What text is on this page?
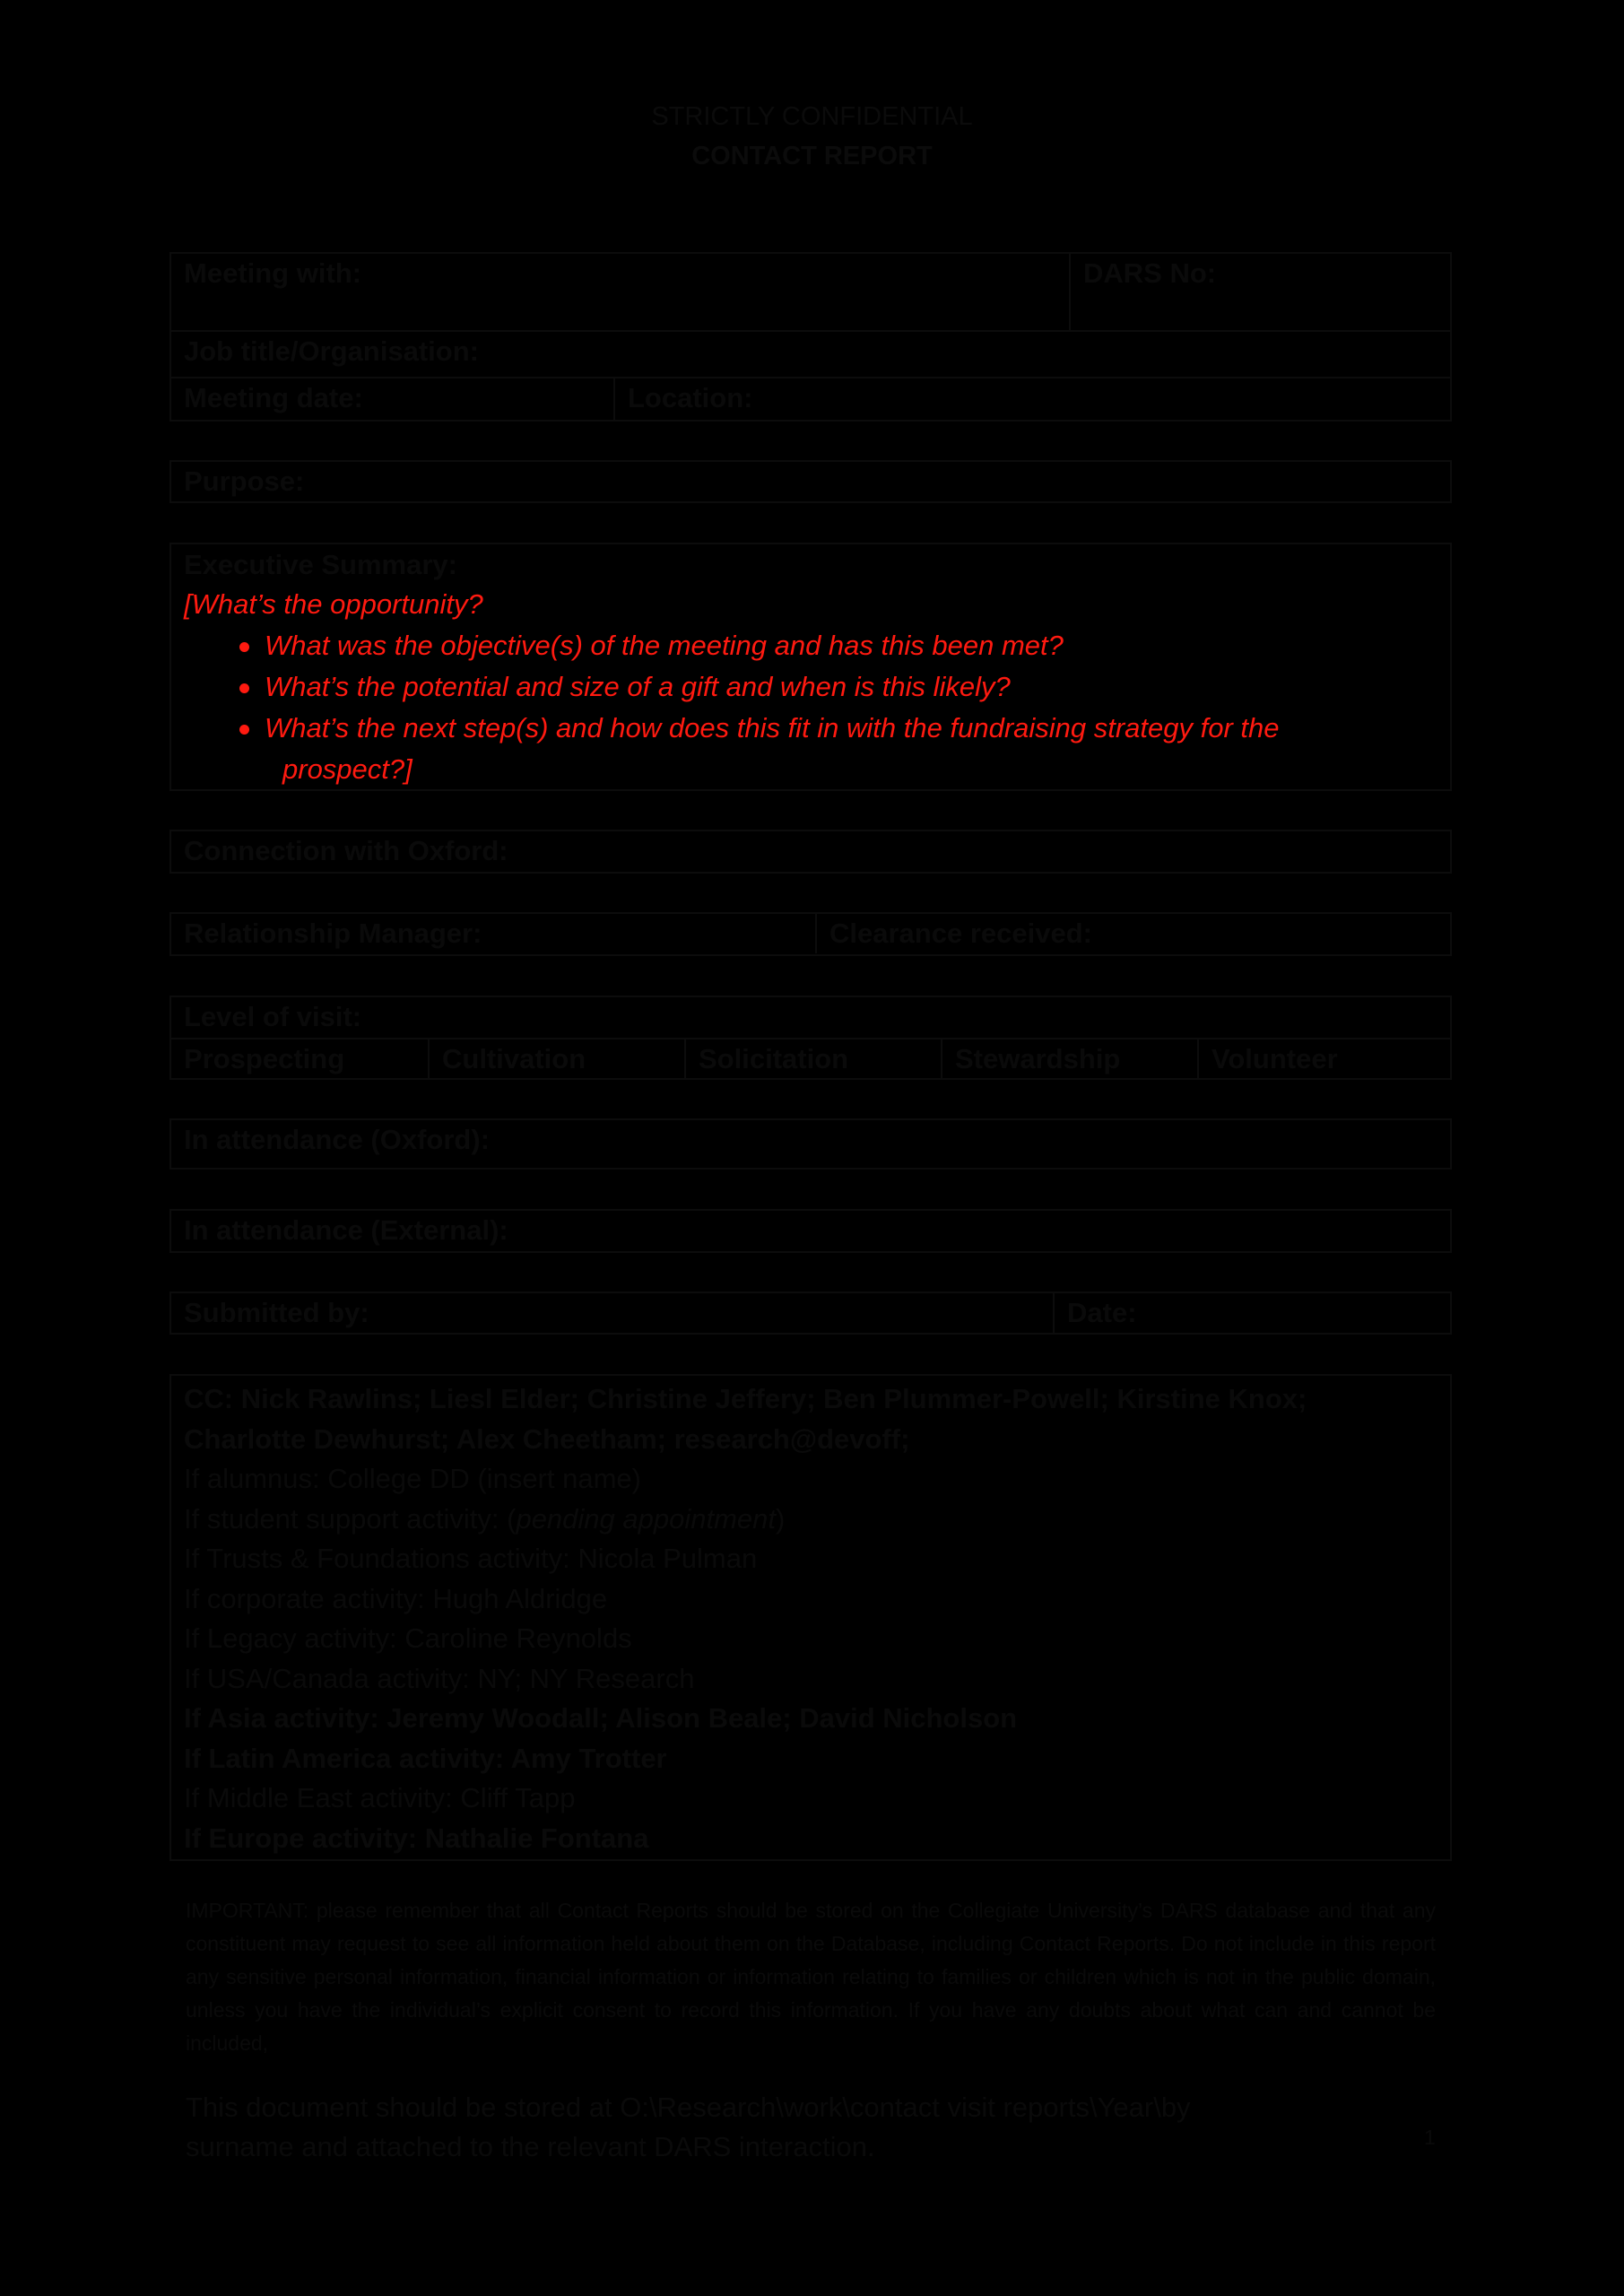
STRICTLY CONFIDENTIAL
CONTACT REPORT
Meeting with:	DARS No:
Job title/Organisation:
Meeting date:	Location:
Purpose:
Executive Summary:
[What’s the opportunity?
What was the objective(s) of the meeting and has this been met?
What’s the potential and size of a gift and when is this likely?
What’s the next step(s) and how does this fit in with the fundraising strategy for the
prospect?]
Connection with Oxford:
Relationship Manager:	Clearance received:
Level of visit:
Prospecting	Cultivation	Solicitation	Stewardship	Volunteer
In attendance (Oxford):
In attendance (External):
Submitted by:	Date:
CC: Nick Rawlins; Liesl Elder; Christine Jeffery; Ben Plummer-Powell; Kirstine Knox;
Charlotte Dewhurst; Alex Cheetham; research@devoff;
If alumnus: College DD (insert name)
If student support activity: (pending appointment)
If Trusts & Foundations activity: Nicola Pulman
If corporate activity: Hugh Aldridge
If Legacy activity: Caroline Reynolds
If USA/Canada activity: NY; NY Research
If Asia activity: Jeremy Woodall; Alison Beale; David Nicholson
If Latin America activity: Amy Trotter
If Middle East activity: Cliff Tapp
If Europe activity: Nathalie Fontana
IMPORTANT: please remember that all Contact Reports should be stored on the Collegiate University’s DARS database and that any constituent may request to see all information held about them on the Database, including Contact Reports. Do not include in this report any sensitive personal information, financial information or information relating to families or children which is not in the public domain, unless you have the individual’s explicit consent to record this information. If you have any doubts about what can and cannot be included,
This document should be stored at O:\Research\work\contact visit reports\Year\by
surname and attached to the relevant DARS interaction.	1
